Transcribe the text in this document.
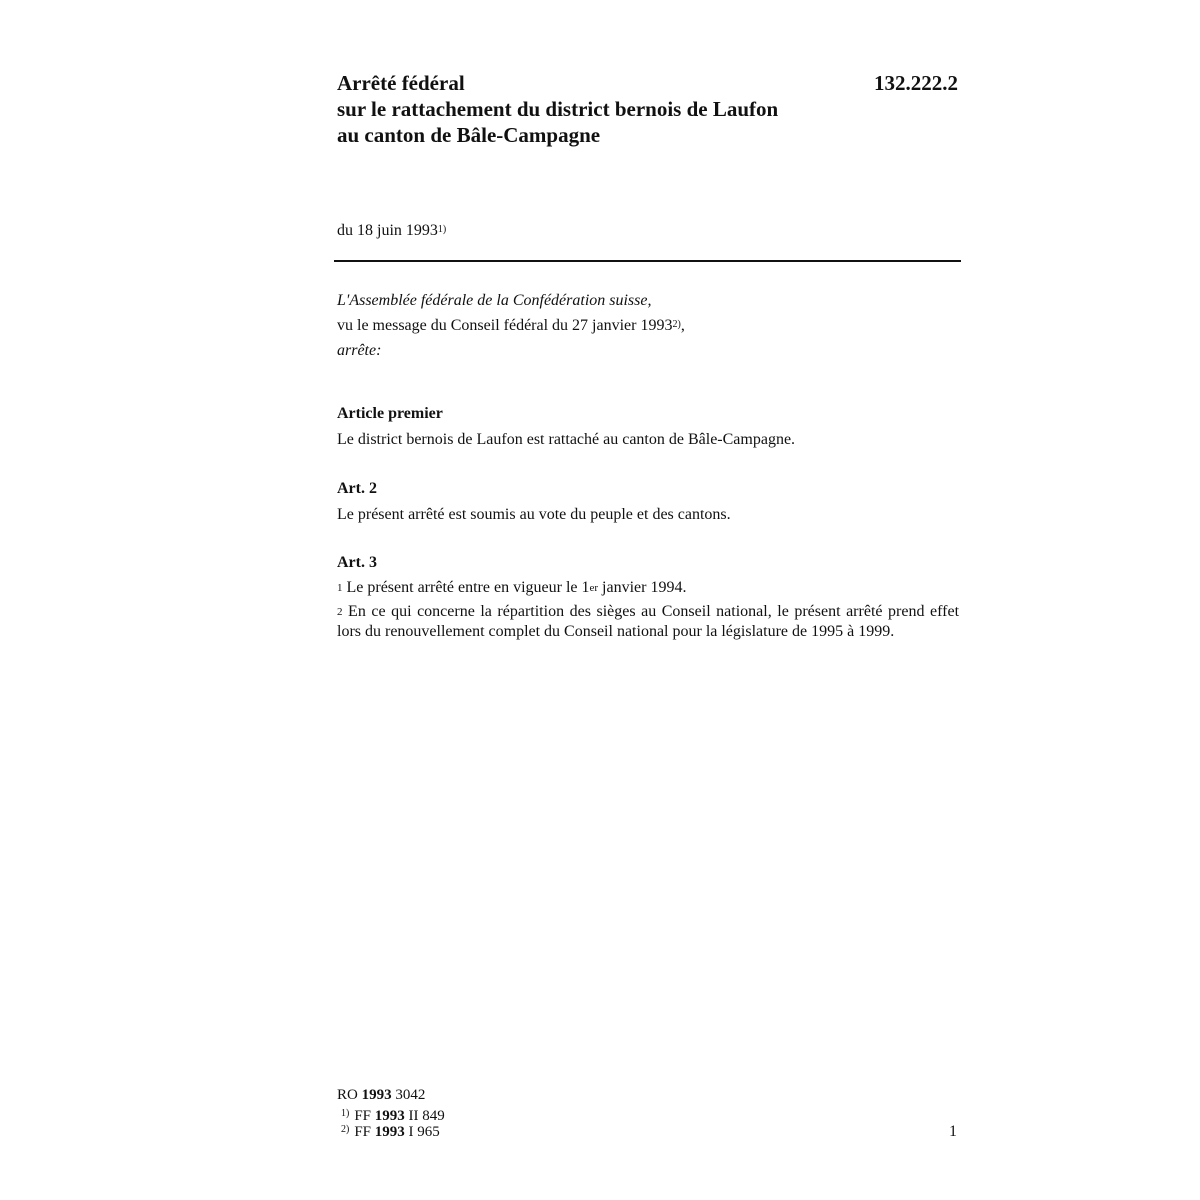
Arrêté fédéral
sur le rattachement du district bernois de Laufon
au canton de Bâle-Campagne
132.222.2
du 18 juin 1993$^{1)}$
L'Assemblée fédérale de la Confédération suisse,
vu le message du Conseil fédéral du 27 janvier 1993$^{2)}$,
arrête:
Article premier
Le district bernois de Laufon est rattaché au canton de Bâle-Campagne.
Art. 2
Le présent arrêté est soumis au vote du peuple et des cantons.
Art. 3
$^1$ Le présent arrêté entre en vigueur le 1er janvier 1994.
$^2$ En ce qui concerne la répartition des sièges au Conseil national, le présent arrêté prend effet lors du renouvellement complet du Conseil national pour la législature de 1995 à 1999.
RO 1993 3042
$^{1)}$ FF 1993 II 849
$^{2)}$ FF 1993 I 965	1
